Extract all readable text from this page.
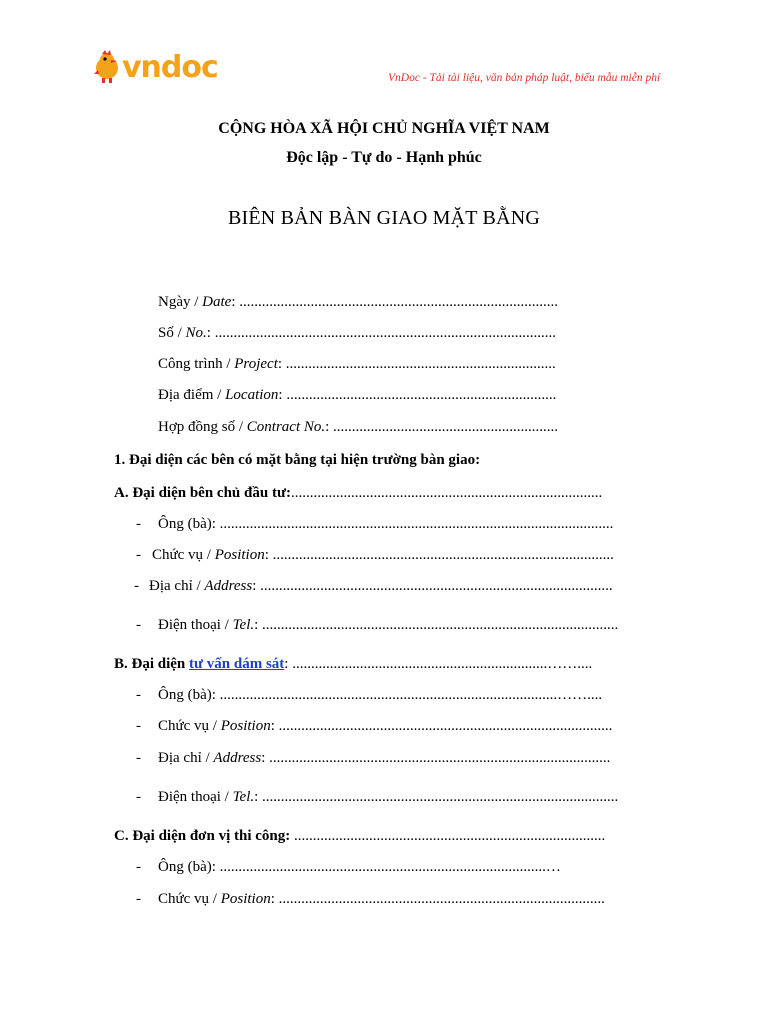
vndoc	VnDoc - Tải tài liệu, văn bản pháp luật, biểu mẫu miễn phí
CỘNG HÒA XÃ HỘI CHỦ NGHĨA VIỆT NAM
Độc lập - Tự do - Hạnh phúc
BIÊN BẢN BÀN GIAO MẶT BẰNG
Ngày / Date: .....................................................................................
Số / No.: ...........................................................................................
Công trình / Project: ........................................................................
Địa điểm / Location: ........................................................................
Hợp đồng số / Contract No.: ............................................................
1. Đại diện các bên có mặt bằng tại hiện trường bàn giao:
A. Đại diện bên chủ đầu tư:...................................................................................
- Ông (bà): .........................................................................................................
- Chức vụ / Position: ...........................................................................................
- Địa chỉ / Address: ..............................................................................................
- Điện thoại / Tel.: ...............................................................................................
B. Đại diện tư vấn dám sát: ....................................................................……....
- Ông (bà): ..........................................................................................……....
- Chức vụ / Position: .........................................................................................
- Địa chỉ / Address: ...........................................................................................
- Điện thoại / Tel.: ...............................................................................................
C. Đại diện đơn vị thi công: ...................................................................................
- Ông (bà): .......................................................................................…
- Chức vụ / Position: .......................................................................................
